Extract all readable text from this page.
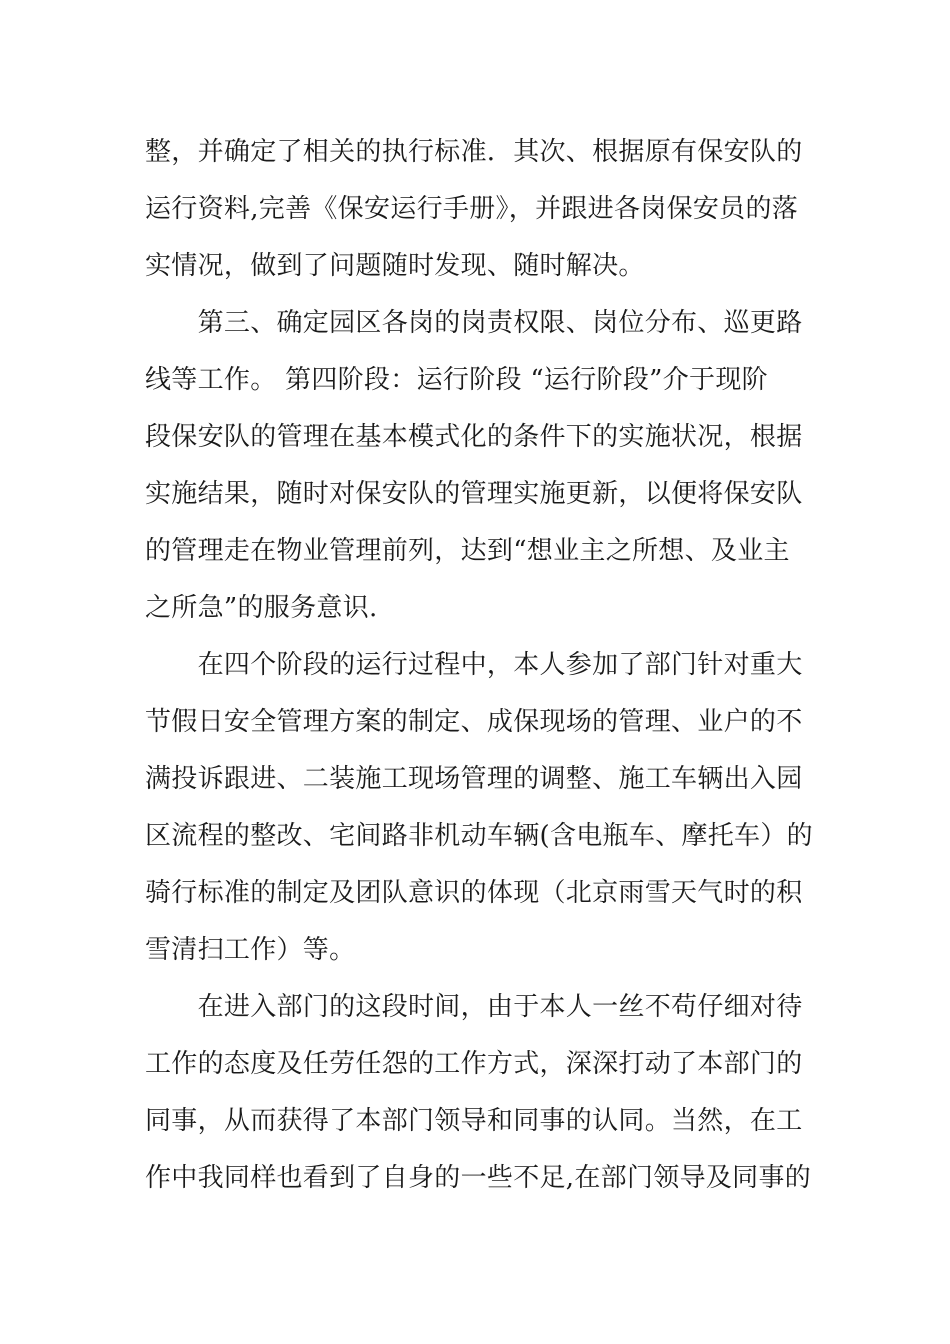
整，并确定了相关的执行标准．其次、根据原有保安队的
运行资料,完善《保安运行手册》，并跟进各岗保安员的落
实情况，做到了问题随时发现、随时解决。
　　第三、确定园区各岗的岗责权限、岗位分布、巡更路
线等工作。 第四阶段：运行阶段 “运行阶段”介于现阶
段保安队的管理在基本模式化的条件下的实施状况，根据
实施结果，随时对保安队的管理实施更新，以便将保安队
的管理走在物业管理前列，达到“想业主之所想、及业主
之所急”的服务意识.
　　在四个阶段的运行过程中，本人参加了部门针对重大
节假日安全管理方案的制定、成保现场的管理、业户的不
满投诉跟进、二装施工现场管理的调整、施工车辆出入园
区流程的整改、宅间路非机动车辆(含电瓶车、摩托车）的
骑行标准的制定及团队意识的体现（北京雨雪天气时的积
雪清扫工作）等。
　　在进入部门的这段时间，由于本人一丝不苟仔细对待
工作的态度及任劳任怨的工作方式，深深打动了本部门的
同事，从而获得了本部门领导和同事的认同。当然，在工
作中我同样也看到了自身的一些不足,在部门领导及同事的
